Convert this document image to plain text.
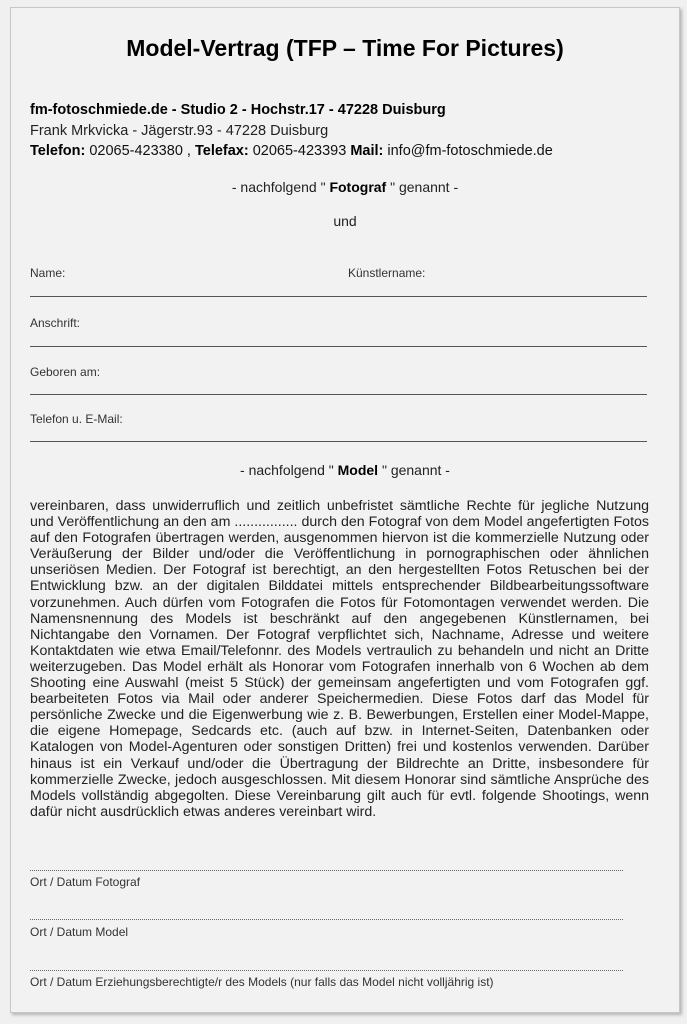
Model-Vertrag (TFP – Time For Pictures)
fm-fotoschmiede.de - Studio 2 - Hochstr.17 - 47228 Duisburg
Frank Mrkvicka - Jägerstr.93 - 47228 Duisburg
Telefon: 02065-423380 , Telefax: 02065-423393 Mail: info@fm-fotoschmiede.de
- nachfolgend " Fotograf " genannt -
und
Name:	Künstlername:
Anschrift:
Geboren am:
Telefon u. E-Mail:
- nachfolgend " Model " genannt -
vereinbaren, dass unwiderruflich und zeitlich unbefristet sämtliche Rechte für jegliche Nutzung und Veröffentlichung an den am ................ durch den Fotograf von dem Model angefertigten Fotos auf den Fotografen übertragen werden, ausgenommen hiervon ist die kommerzielle Nutzung oder Veräußerung der Bilder und/oder die Veröffentlichung in pornographischen oder ähnlichen unseriösen Medien. Der Fotograf ist berechtigt, an den hergestellten Fotos Retuschen bei der Entwicklung bzw. an der digitalen Bilddatei mittels entsprechender Bildbearbeitungssoftware vorzunehmen. Auch dürfen vom Fotografen die Fotos für Fotomontagen verwendet werden. Die Namensnennung des Models ist beschränkt auf den angegebenen Künstlernamen, bei Nichtangabe den Vornamen. Der Fotograf verpflichtet sich, Nachname, Adresse und weitere Kontaktdaten wie etwa Email/Telefonnr. des Models vertraulich zu behandeln und nicht an Dritte weiterzugeben. Das Model erhält als Honorar vom Fotografen innerhalb von 6 Wochen ab dem Shooting eine Auswahl (meist 5 Stück) der gemeinsam angefertigten und vom Fotografen ggf. bearbeiteten Fotos via Mail oder anderer Speichermedien. Diese Fotos darf das Model für persönliche Zwecke und die Eigenwerbung wie z. B. Bewerbungen, Erstellen einer Model-Mappe, die eigene Homepage, Sedcards etc. (auch auf bzw. in Internet-Seiten, Datenbanken oder Katalogen von Model-Agenturen oder sonstigen Dritten) frei und kostenlos verwenden. Darüber hinaus ist ein Verkauf und/oder die Übertragung der Bildrechte an Dritte, insbesondere für kommerzielle Zwecke, jedoch ausgeschlossen. Mit diesem Honorar sind sämtliche Ansprüche des Models vollständig abgegolten. Diese Vereinbarung gilt auch für evtl. folgende Shootings, wenn dafür nicht ausdrücklich etwas anderes vereinbart wird.
Ort / Datum Fotograf
Ort / Datum Model
Ort / Datum Erziehungsberechtigte/r des Models (nur falls das Model nicht volljährig ist)
